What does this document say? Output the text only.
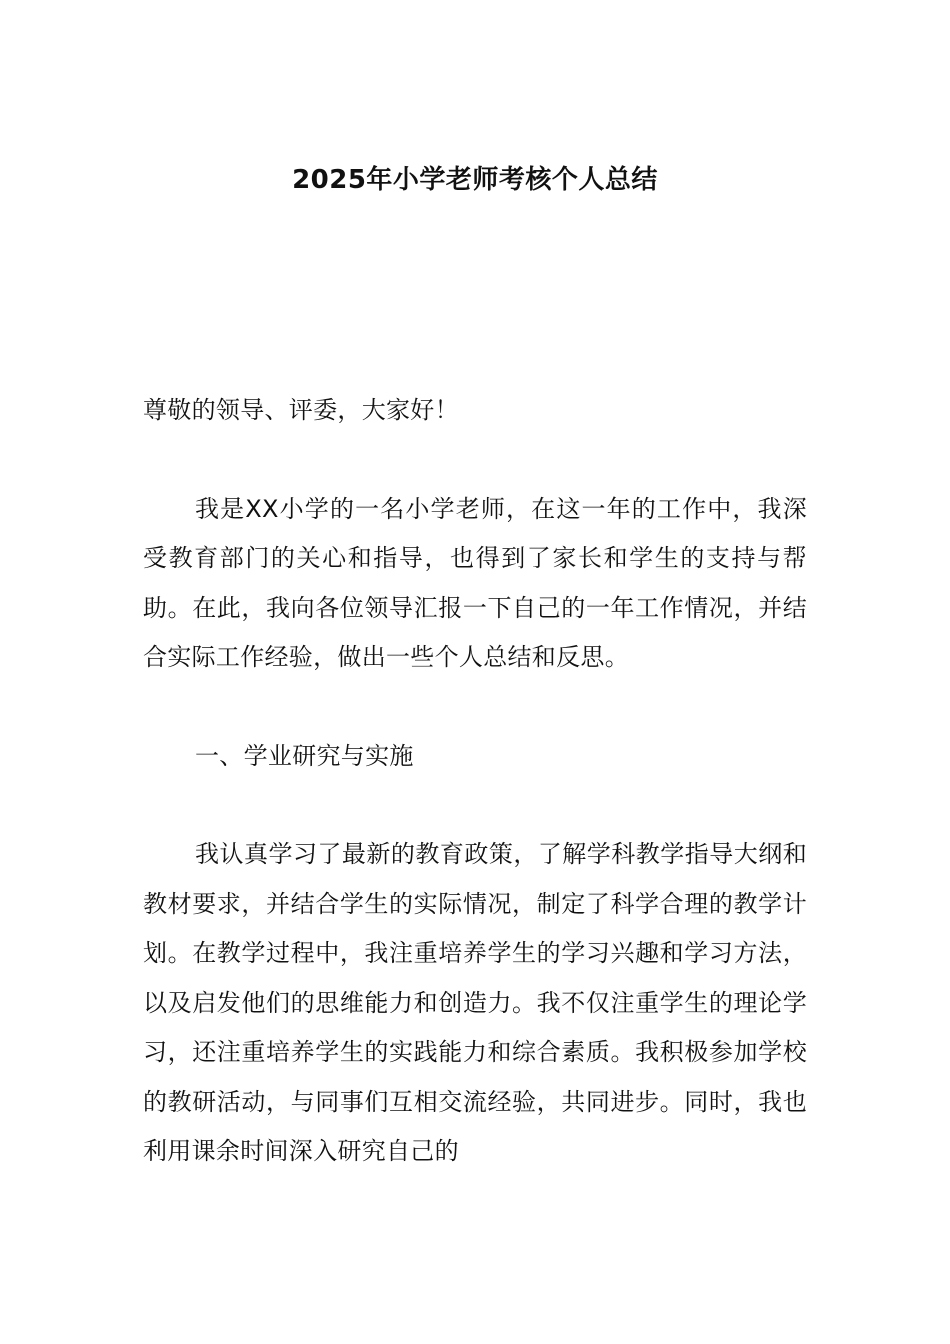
2025年小学老师考核个人总结

尊敬的领导、评委，大家好！

我是XX小学的一名小学老师，在这一年的工作中，我深受教育部门的关心和指导，也得到了家长和学生的支持与帮助。在此，我向各位领导汇报一下自己的一年工作情况，并结合实际工作经验，做出一些个人总结和反思。

一、学业研究与实施

我认真学习了最新的教育政策，了解学科教学指导大纲和教材要求，并结合学生的实际情况，制定了科学合理的教学计划。在教学过程中，我注重培养学生的学习兴趣和学习方法，以及启发他们的思维能力和创造力。我不仅注重学生的理论学习，还注重培养学生的实践能力和综合素质。我积极参加学校的教研活动，与同事们互相交流经验，共同进步。同时，我也利用课余时间深入研究自己的
